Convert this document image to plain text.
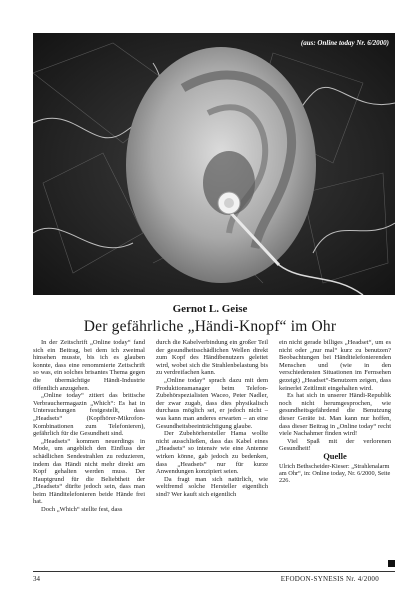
(aus: Online today Nr. 6/2000)
Gernot L. Geise
Der gefährliche „Händi-Knopf“ im Ohr

In der Zeitschrift „Online today“ fand sich ein Beitrag, bei dem ich zweimal hinsehen musste, bis ich es glauben konnte, dass eine renommierte Zeitschrift so was, ein solches brisantes Thema gegen die übermächtige Händi-Industrie öffentlich anzugehen.

„Online today“ zitiert das britische Verbrauchermagazin „Which“: Es hat in Untersuchungen festgestellt, dass „Headsets“ (Kopfhörer-Mikrofon-Kombinationen zum Telefonieren), gefährlich für die Gesundheit sind.

„Headsets“ kommen neuerdings in Mode, um angeblich den Einfluss der schädlichen Sendestrahlen zu reduzieren, indem das Händi nicht mehr direkt am Kopf gehalten werden muss. Der Hauptgrund für die Beliebtheit der „Headsets“ dürfte jedoch sein, dass man beim Händitelefonieren beide Hände frei hat.

Doch „Which“ stellte fest, dass

durch die Kabelverbindung ein großer Teil der gesundheitsschädlichen Wellen direkt zum Kopf des Händibenutzers geleitet wird, wobei sich die Strahlenbelastung bis zu verdreifachen kann.

„Online today“ sprach dazu mit dem Produktionsmanager beim Telefon-Zubehörspezialisten Waceo, Peter Nadler, der zwar zugab, dass dies physikalisch durchaus möglich sei, er jedoch nicht – was kann man anderes erwarten – an eine Gesundheitsbeeinträchtigung glaube.

Der Zubehörhersteller Hama wollte nicht ausschließen, dass das Kabel eines „Headsets“ so intensiv wie eine Antenne wirken könne, gab jedoch zu bedenken, dass „Headsets“ nur für kurze Anwendungen konzipiert seien.

Da fragt man sich natürlich, wie weltfremd solche Hersteller eigentlich sind? Wer kauft sich eigentlich

ein nicht gerade billiges „Headset“, um es nicht oder „nur mal“ kurz zu benutzen? Beobachtungen bei Händitelefonierenden Menschen und (wie in den verschiedensten Situationen im Fernsehen gezeigt) „Headset“-Benutzern zeigen, dass keinerlei Zeitlimit eingehalten wird.

Es hat sich in unserer Händi-Republik noch nicht herumgesprochen, wie gesundheitsgefährdend die Benutzung dieser Geräte ist. Man kann nur hoffen, dass dieser Beitrag in „Online today“ recht viele Nachahmer finden wird!

Viel Spaß mit der verlorenen Gesundheit!

Quelle

Ulrich Bethscheider-Kieser: „Strahlenalarm am Ohr“, in: Online today, Nr. 6/2000, Seite 226.

34	EFODON-SYNESIS Nr. 4/2000
